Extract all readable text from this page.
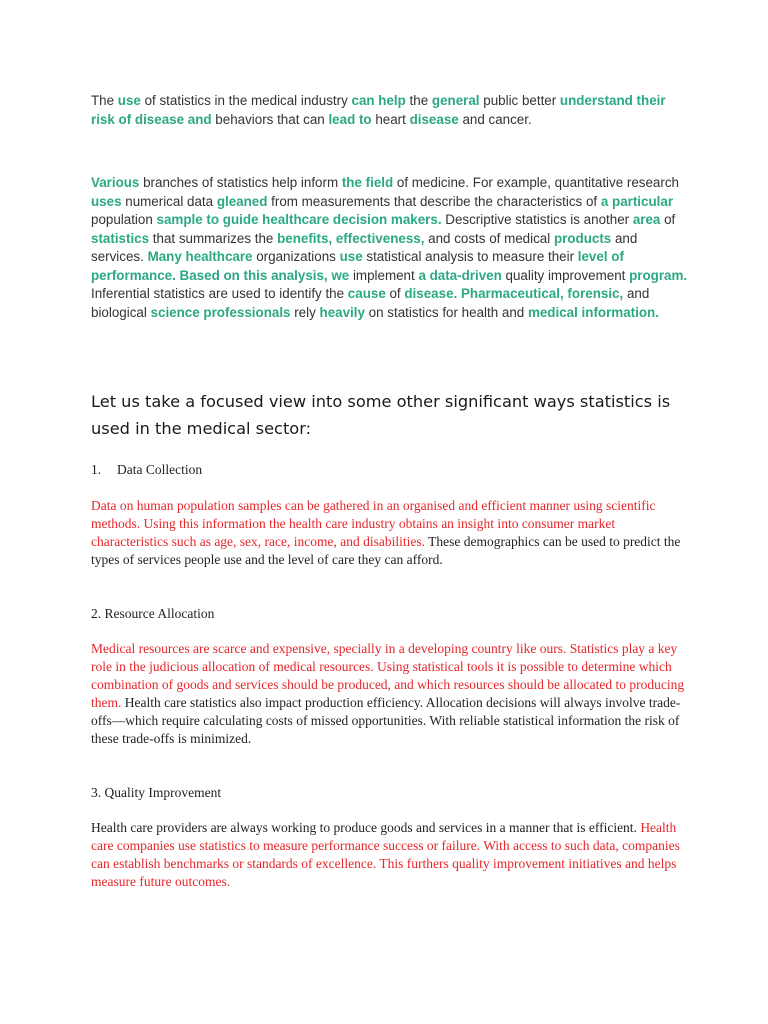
The use of statistics in the medical industry can help the general public better understand their risk of disease and behaviors that can lead to heart disease and cancer.

Various branches of statistics help inform the field of medicine. For example, quantitative research uses numerical data gleaned from measurements that describe the characteristics of a particular population sample to guide healthcare decision makers. Descriptive statistics is another area of statistics that summarizes the benefits, effectiveness, and costs of medical products and services. Many healthcare organizations use statistical analysis to measure their level of performance. Based on this analysis, we implement a data-driven quality improvement program. Inferential statistics are used to identify the cause of disease. Pharmaceutical, forensic, and biological science professionals rely heavily on statistics for health and medical information.

Let us take a focused view into some other significant ways statistics is used in the medical sector:

1. Data Collection

Data on human population samples can be gathered in an organised and efficient manner using scientific methods. Using this information the health care industry obtains an insight into consumer market characteristics such as age, sex, race, income, and disabilities. These demographics can be used to predict the types of services people use and the level of care they can afford.

2. Resource Allocation

Medical resources are scarce and expensive, specially in a developing country like ours. Statistics play a key role in the judicious allocation of medical resources. Using statistical tools it is possible to determine which combination of goods and services should be produced, and which resources should be allocated to producing them. Health care statistics also impact production efficiency. Allocation decisions will always involve trade-offs—which require calculating costs of missed opportunities. With reliable statistical information the risk of these trade-offs is minimized.

3. Quality Improvement

Health care providers are always working to produce goods and services in a manner that is efficient. Health care companies use statistics to measure performance success or failure. With access to such data, companies can establish benchmarks or standards of excellence. This furthers quality improvement initiatives and helps measure future outcomes.
